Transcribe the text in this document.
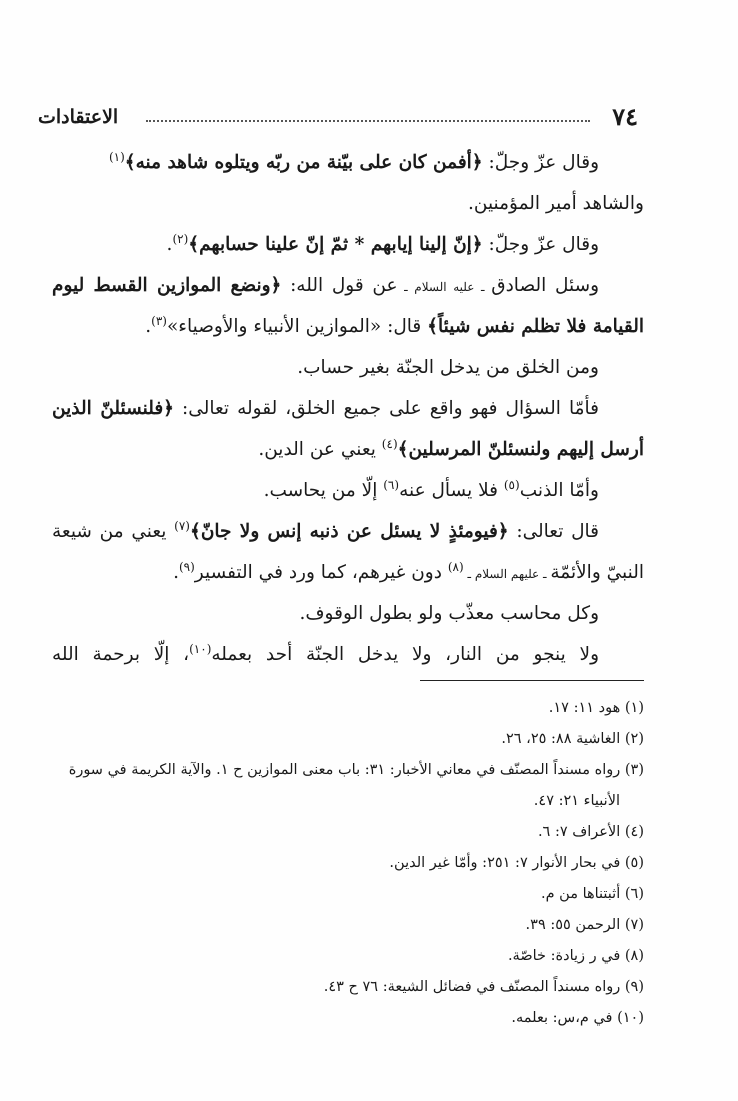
٧٤
الاعتقادات
وقال عزّ وجلّ: ﴿أفمن كان على بيّنة من ربّه ويتلوه شاهد منه﴾$^{(١)}$
والشاهد أمير المؤمنين.
وقال عزّ وجلّ: ﴿إنّ إلينا إيابهم * ثمّ إنّ علينا حسابهم﴾$^{(٢)}$.
وسئل الصادق ـ عليه السلام ـ عن قول الله: ﴿ونضع الموازين القسط ليوم
القيامة فلا تظلم نفس شيئاً﴾ قال: «الموازين الأنبياء والأوصياء»$^{(٣)}$.
ومن الخلق من يدخل الجنّة بغير حساب.
فأمّا السؤال فهو واقع على جميع الخلق، لقوله تعالى: ﴿فلنسئلنّ الذين
أرسل إليهم ولنسئلنّ المرسلين﴾$^{(٤)}$ يعني عن الدين.
وأمّا الذنب$^{(٥)}$ فلا يسأل عنه$^{(٦)}$ إلّا من يحاسب.
قال تعالى: ﴿فيومئذٍ لا يسئل عن ذنبه إنس ولا جانّ﴾$^{(٧)}$ يعني من شيعة
النبيّ والأئمّة ـ عليهم السلام ـ $^{(٨)}$ دون غيرهم، كما ورد في التفسير$^{(٩)}$.
وكل محاسب معذّب ولو بطول الوقوف.
ولا ينجو من النار، ولا يدخل الجنّة أحد بعمله$^{(١٠)}$، إلّا برحمة الله
(١) هود ١١: ١٧.
(٢) الغاشية ٨٨: ٢٥، ٢٦.
(٣) رواه مسنداً المصنّف في معاني الأخبار: ٣١: باب معنى الموازين ح ١. والآية الكريمة في سورة
الأنبياء ٢١: ٤٧.
(٤) الأعراف ٧: ٦.
(٥) في بحار الأنوار ٧: ٢٥١: وأمّا غير الدين.
(٦) أثبتناها من م.
(٧) الرحمن ٥٥: ٣٩.
(٨) في ر زيادة: خاصّة.
(٩) رواه مسنداً المصنّف في فضائل الشيعة: ٧٦ ح ٤٣.
(١٠) في م،س: بعلمه.
